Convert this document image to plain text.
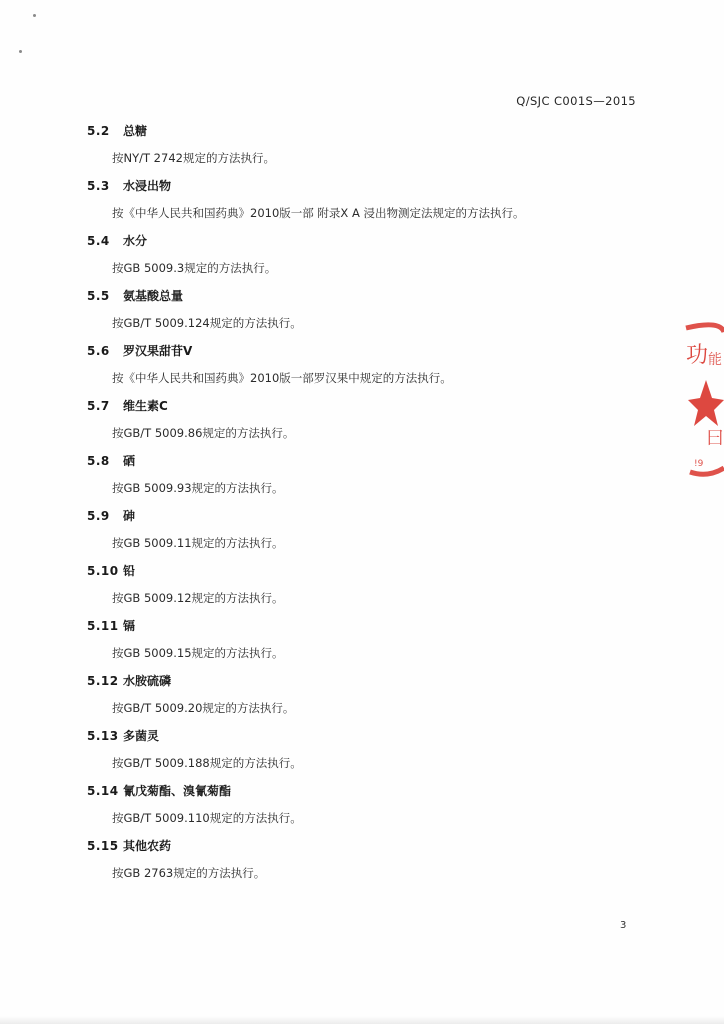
Q/SJC C001S—2015
5.2 总糖
按NY/T 2742规定的方法执行。
5.3 水浸出物
按《中华人民共和国药典》2010版一部 附录X A 浸出物测定法规定的方法执行。
5.4 水分
按GB 5009.3规定的方法执行。
5.5 氨基酸总量
按GB/T 5009.124规定的方法执行。
5.6 罗汉果甜苷V
按《中华人民共和国药典》2010版一部罗汉果中规定的方法执行。
5.7 维生素C
按GB/T 5009.86规定的方法执行。
5.8 硒
按GB 5009.93规定的方法执行。
5.9 砷
按GB 5009.11规定的方法执行。
5.10 铅
按GB 5009.12规定的方法执行。
5.11 镉
按GB 5009.15规定的方法执行。
5.12 水胺硫磷
按GB/T 5009.20规定的方法执行。
5.13 多菌灵
按GB/T 5009.188规定的方法执行。
5.14 氰戊菊酯、溴氰菊酯
按GB/T 5009.110规定的方法执行。
5.15 其他农药
按GB 2763规定的方法执行。
功 能
曰
!9
3
